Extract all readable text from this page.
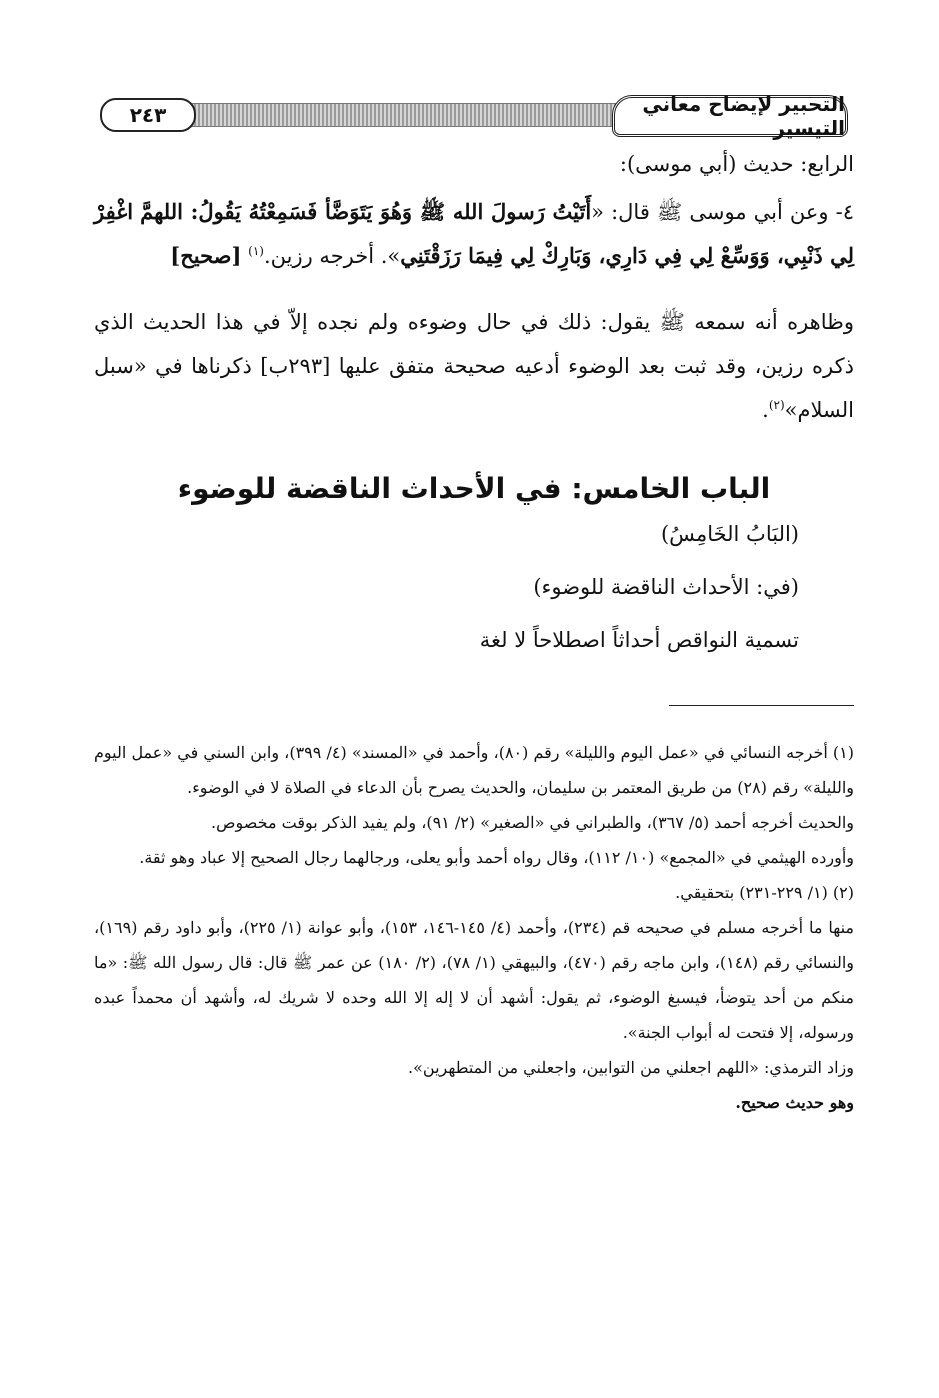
التحبير لإيضاح معاني التيسير
٢٤٣
الرابع: حديث (أبي موسى):
٤- وعن أبي موسى ﷺ قال: «أَتَيْتُ رَسولَ الله ﷺ وَهُوَ يَتَوَضَّأ فَسَمِعْتُهُ يَقُولُ: اللهمَّ اغْفِرْ لِي ذَنْبِي، وَوَسِّعْ لِي فِي دَارِي، وَبَارِكْ لِي فِيمَا رَزَقْتَنِي». أخرجه رزين.$^{(١)}$ [صحيح]
وظاهره أنه سمعه ﷺ يقول: ذلك في حال وضوءه ولم نجده إلاّ في هذا الحديث الذي ذكره رزين، وقد ثبت بعد الوضوء أدعيه صحيحة متفق عليها [٢٩٣ب] ذكرناها في «سبل السلام»$^{(٢)}$.
الباب الخامس: في الأحداث الناقضة للوضوء
(البَابُ الخَامِسُ)
(في: الأحداث الناقضة للوضوء)
تسمية النواقص أحداثاً اصطلاحاً لا لغة
(١) أخرجه النسائي في «عمل اليوم والليلة» رقم (٨٠)، وأحمد في «المسند» (٤/ ٣٩٩)، وابن السني في «عمل اليوم والليلة» رقم (٢٨) من طريق المعتمر بن سليمان، والحديث يصرح بأن الدعاء في الصلاة لا في الوضوء.
والحديث أخرجه أحمد (٥/ ٣٦٧)، والطبراني في «الصغير» (٢/ ٩١)، ولم يفيد الذكر بوقت مخصوص.
وأورده الهيثمي في «المجمع» (١٠/ ١١٢)، وقال رواه أحمد وأبو يعلى، ورجالهما رجال الصحيح إلا عباد وهو ثقة.
(٢) (١/ ٢٢٩-٢٣١) بتحقيقي.
منها ما أخرجه مسلم في صحيحه قم (٢٣٤)، وأحمد (٤/ ١٤٥-١٤٦، ١٥٣)، وأبو عوانة (١/ ٢٢٥)، وأبو داود رقم (١٦٩)، والنسائي رقم (١٤٨)، وابن ماجه رقم (٤٧٠)، والبيهقي (١/ ٧٨)، (٢/ ١٨٠) عن عمر ﷺ قال: قال رسول الله ﷺ: «ما منكم من أحد يتوضأ، فيسبغ الوضوء، ثم يقول: أشهد أن لا إله إلا الله وحده لا شريك له، وأشهد أن محمداً عبده ورسوله، إلا فتحت له أبواب الجنة».
وزاد الترمذي: «اللهم اجعلني من التوابين، واجعلني من المتطهرين».
وهو حديث صحيح.
